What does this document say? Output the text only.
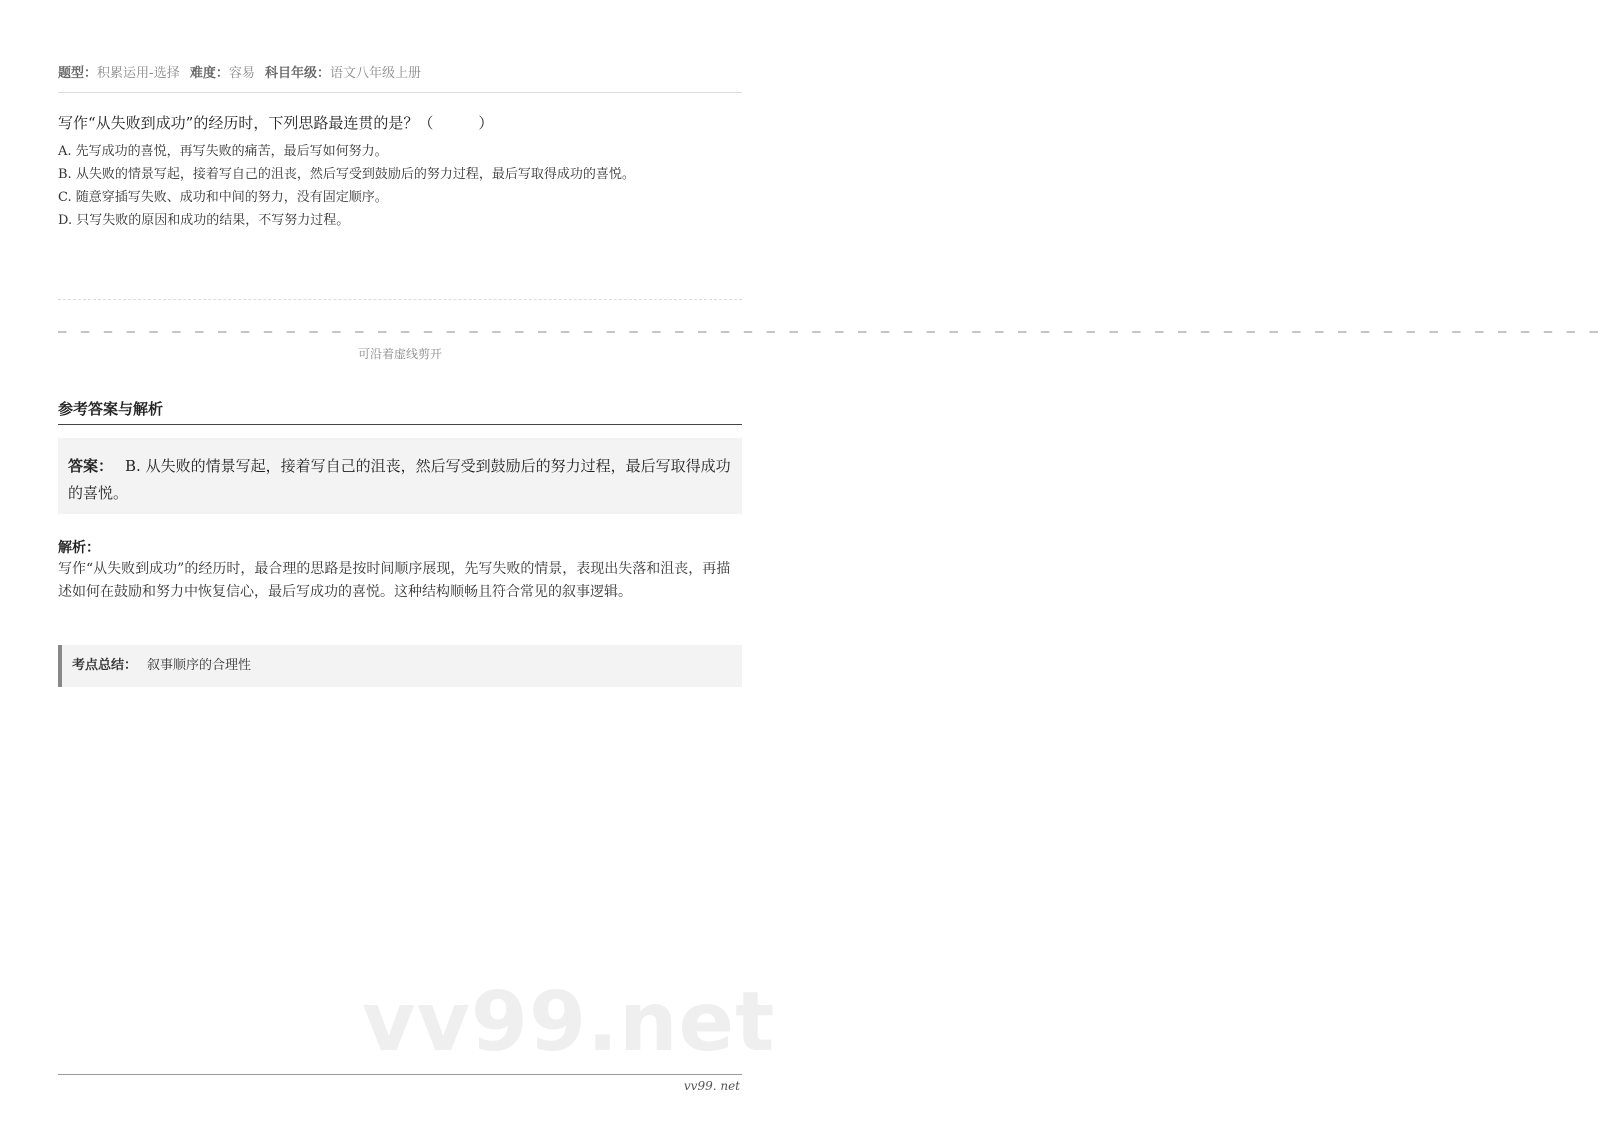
题型：积累运用-选择 难度：容易 科目年级：语文八年级上册
写作“从失败到成功”的经历时，下列思路最连贯的是？（　　　）
A. 先写成功的喜悦，再写失败的痛苦，最后写如何努力。
B. 从失败的情景写起，接着写自己的沮丧，然后写受到鼓励后的努力过程，最后写取得成功的喜悦。
C. 随意穿插写失败、成功和中间的努力，没有固定顺序。
D. 只写失败的原因和成功的结果，不写努力过程。
– – – – – – – – – – – – – – – – – – – – – – – – – – – – – – – – – – – – – – – – – – – – – – – – – – – – – – – – – – – – – – – – – – – –
可沿着虚线剪开
参考答案与解析
答案： B. 从失败的情景写起，接着写自己的沮丧，然后写受到鼓励后的努力过程，最后写取得成功的喜悦。
解析：
写作“从失败到成功”的经历时，最合理的思路是按时间顺序展现，先写失败的情景，表现出失落和沮丧，再描述如何在鼓励和努力中恢复信心，最后写成功的喜悦。这种结构顺畅且符合常见的叙事逻辑。
考点总结： 叙事顺序的合理性
vv99.net
vv99. net
